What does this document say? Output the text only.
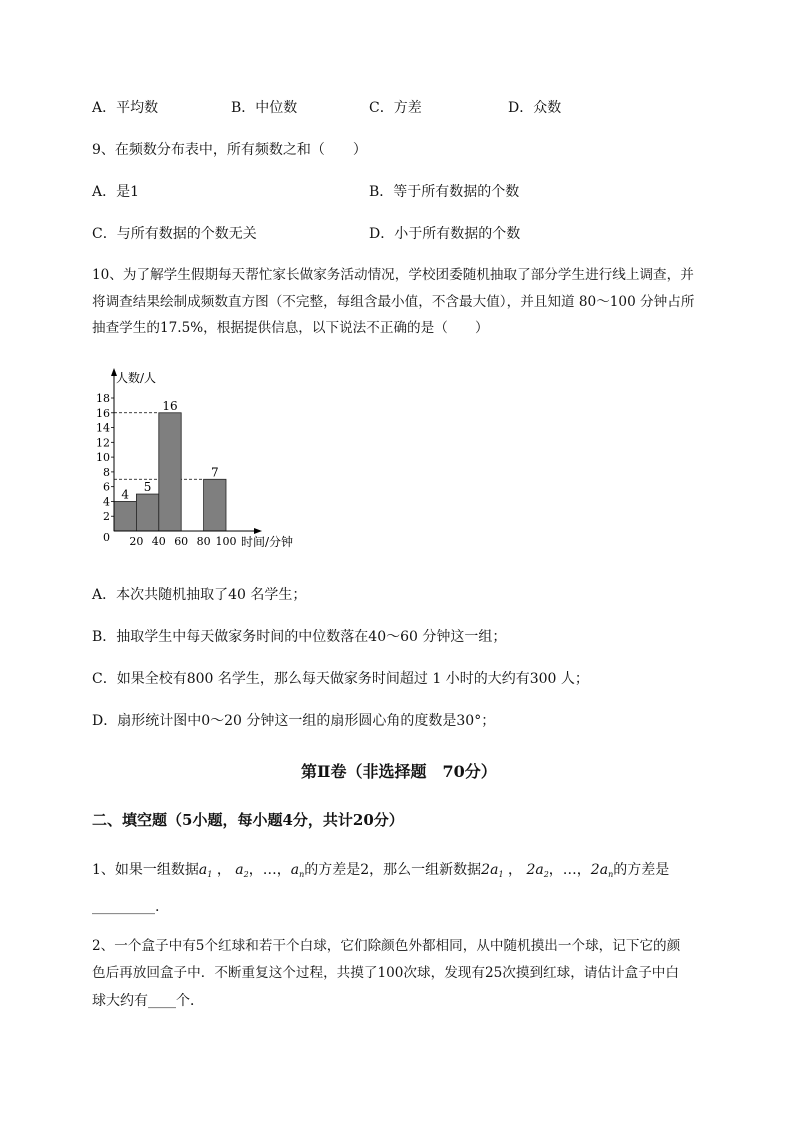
A．平均数	B．中位数	C．方差	D．众数
9、在频数分布表中，所有频数之和（　　）
A．是1	B．等于所有数据的个数
C．与所有数据的个数无关	D．小于所有数据的个数
10、为了解学生假期每天帮忙家长做家务活动情况，学校团委随机抽取了部分学生进行线上调查，并
将调查结果绘制成频数直方图（不完整，每组含最小值，不含最大值），并且知道 80～100 分钟占所
抽查学生的17.5%，根据提供信息，以下说法不正确的是（　　）
人数/人
时间/分钟
0
2
4
6
8
10
12
14
16
18
20 40 60 80 100
4
5
16
7
A．本次共随机抽取了40 名学生；
B．抽取学生中每天做家务时间的中位数落在40～60 分钟这一组；
C．如果全校有800 名学生，那么每天做家务时间超过 1 小时的大约有300 人；
D．扇形统计图中0～20 分钟这一组的扇形圆心角的度数是30°；
第Ⅱ卷（非选择题　70分）
二、填空题（5小题，每小题4分，共计20分）
1、如果一组数据$a_1$ ， $a_2$，…，$a_n$的方差是2，那么一组新数据$2a_1$ ， $2a_2$，…，$2a_n$的方差是
_________.
2、一个盒子中有5个红球和若干个白球，它们除颜色外都相同，从中随机摸出一个球，记下它的颜
色后再放回盒子中．不断重复这个过程，共摸了100次球，发现有25次摸到红球，请估计盒子中白
球大约有____个．
